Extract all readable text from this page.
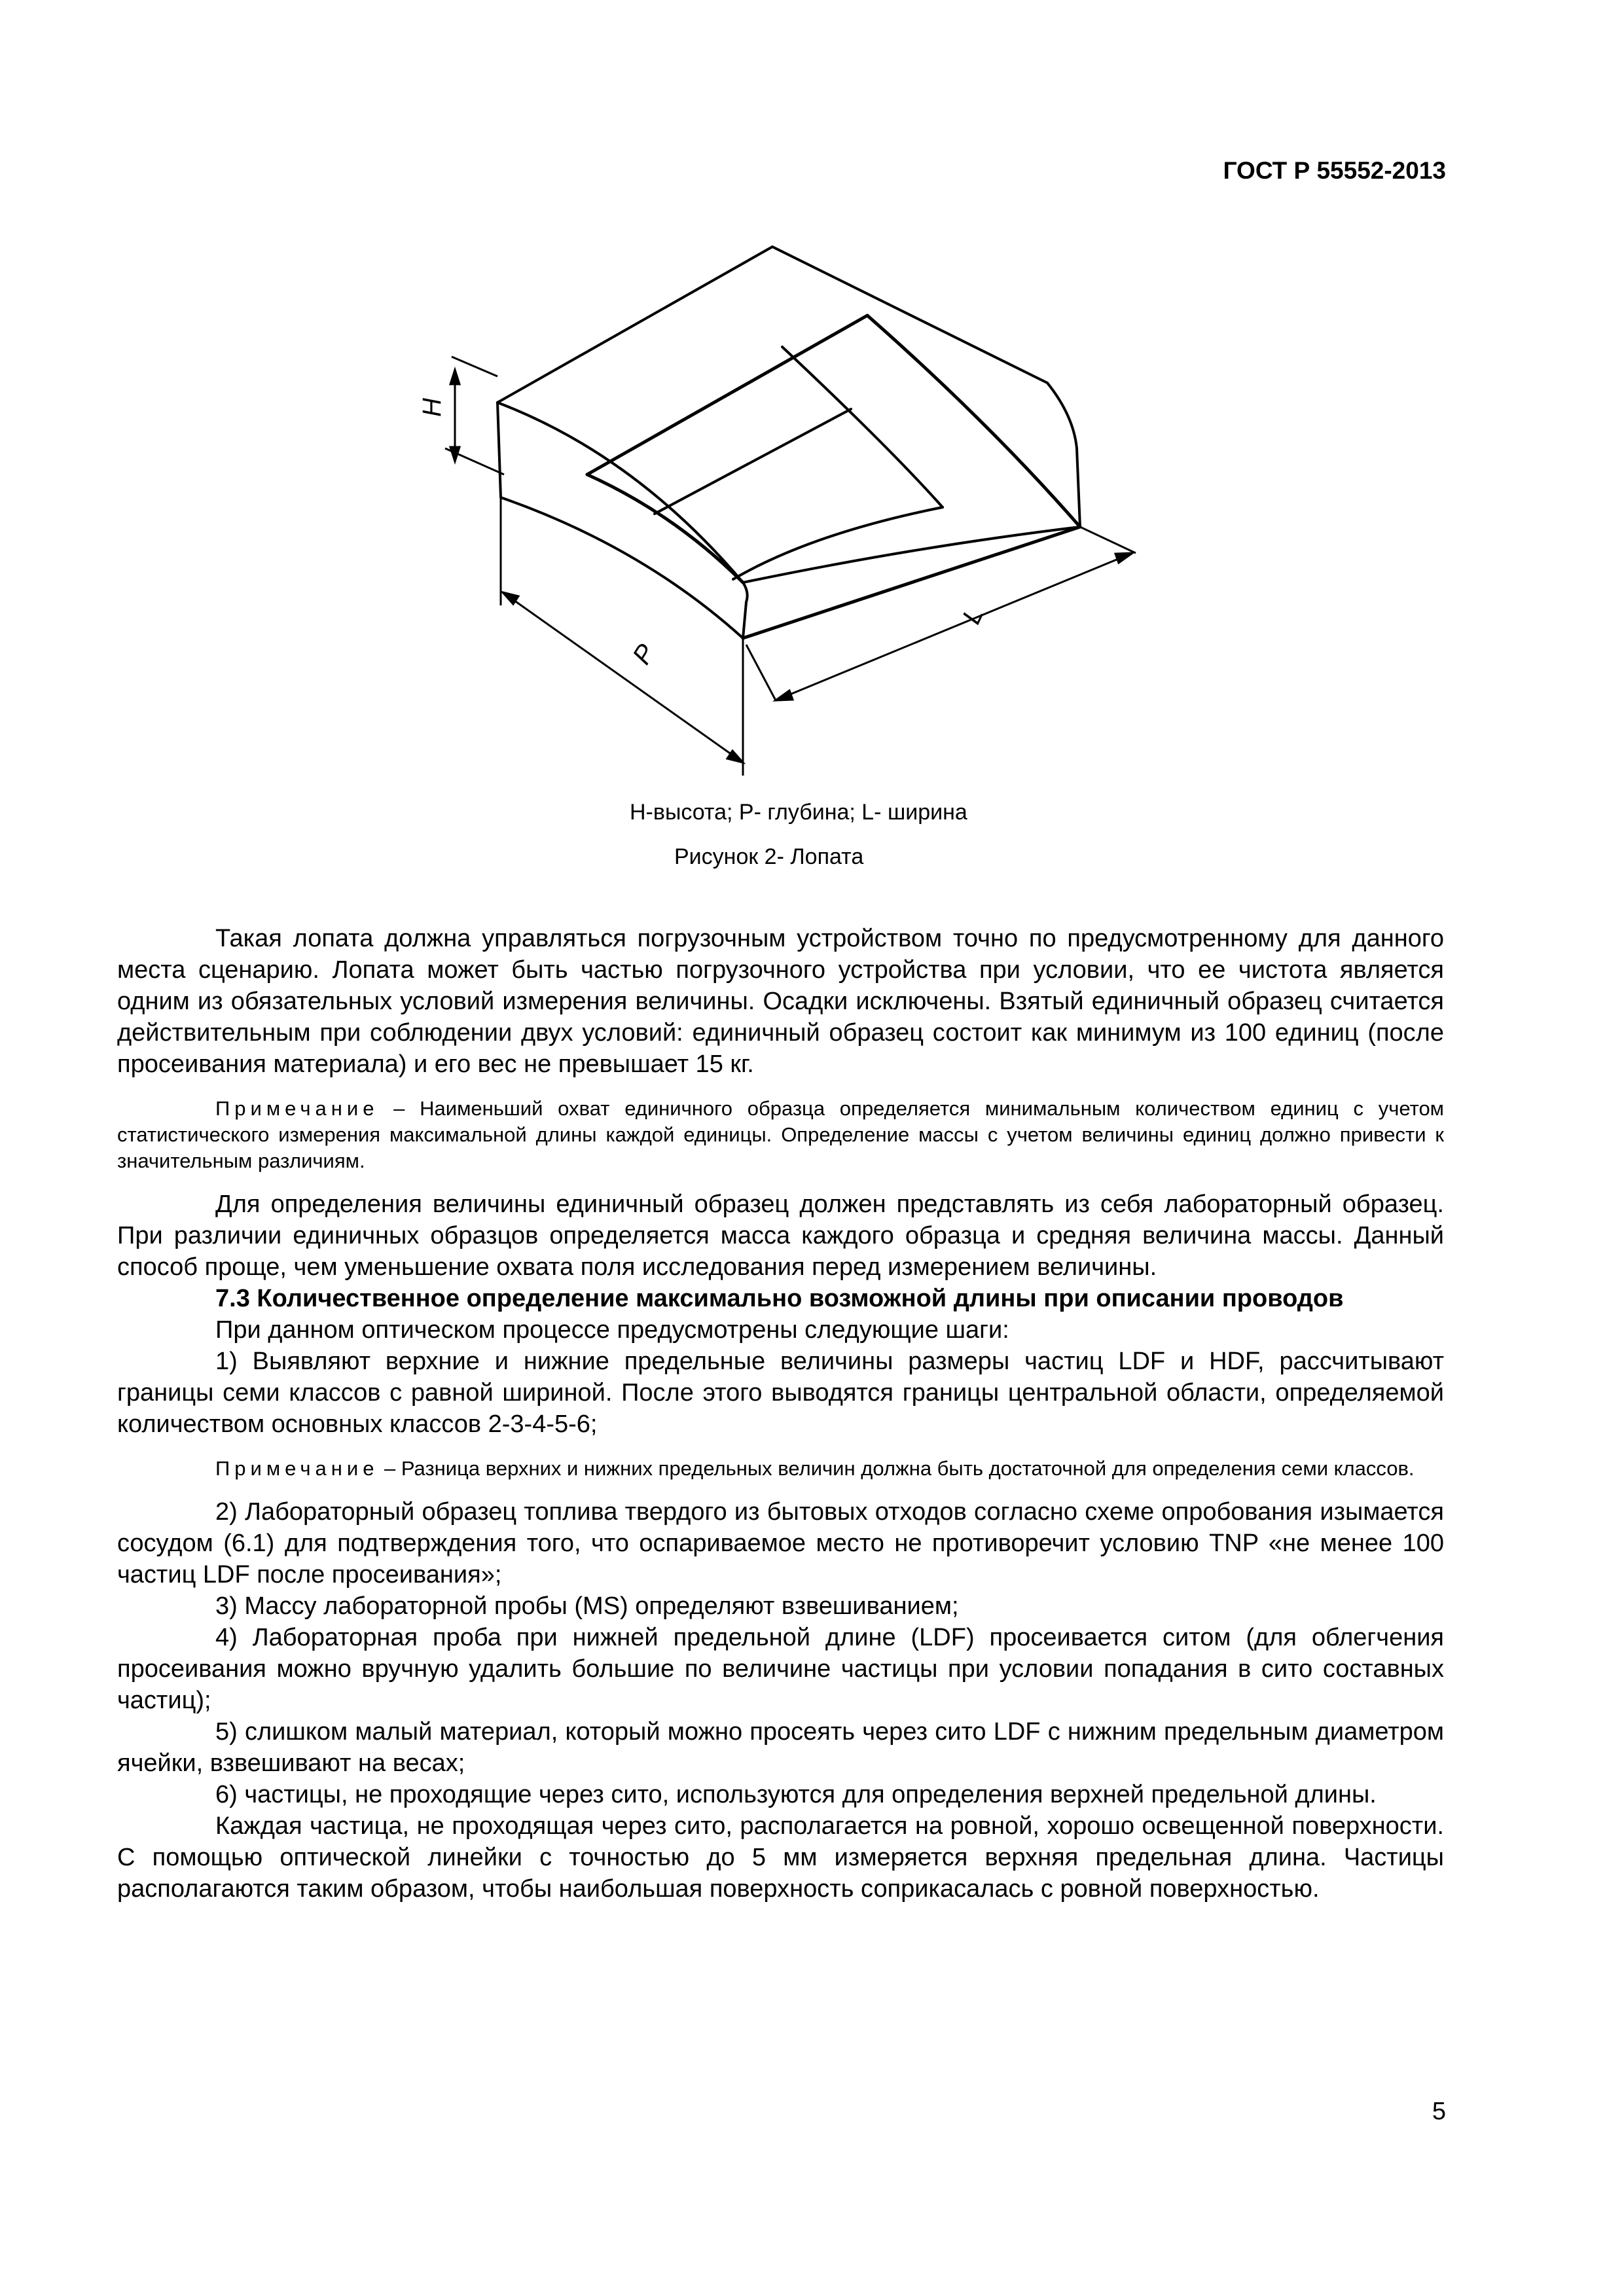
ГОСТ Р 55552-2013
H
P
L
H-высота; P- глубина; L- ширина
Рисунок 2- Лопата

Такая лопата должна управляться погрузочным устройством точно по предусмотренному для данного места сценарию. Лопата может быть частью погрузочного устройства при условии, что ее чистота является одним из обязательных условий измерения величины. Осадки исключены. Взятый единичный образец считается действительным при соблюдении двух условий: единичный образец состоит как минимум из 100 единиц (после просеивания материала) и его вес не превышает 15 кг.

Примечание – Наименьший охват единичного образца определяется минимальным количеством единиц с учетом статистического измерения максимальной длины каждой единицы. Определение массы с учетом величины единиц должно привести к значительным различиям.

Для определения величины единичный образец должен представлять из себя лабораторный образец. При различии единичных образцов определяется масса каждого образца и средняя величина массы. Данный способ проще, чем уменьшение охвата поля исследования перед измерением величины.

7.3 Количественное определение максимально возможной длины при описании проводов

При данном оптическом процессе предусмотрены следующие шаги:

1) Выявляют верхние и нижние предельные величины размеры частиц LDF и HDF, рассчитывают границы семи классов с равной шириной. После этого выводятся границы центральной области, определяемой количеством основных классов 2-3-4-5-6;

Примечание – Разница верхних и нижних предельных величин должна быть достаточной для определения семи классов.

2) Лабораторный образец топлива твердого из бытовых отходов согласно схеме опробования изымается сосудом (6.1) для подтверждения того, что оспариваемое место не противоречит условию TNP «не менее 100 частиц LDF после просеивания»;

3) Массу лабораторной пробы (MS) определяют взвешиванием;

4) Лабораторная проба при нижней предельной длине (LDF) просеивается ситом (для облегчения просеивания можно вручную удалить большие по величине частицы при условии попадания в сито составных частиц);

5) слишком малый материал, который можно просеять через сито LDF с нижним предельным диаметром ячейки, взвешивают на весах;

6) частицы, не проходящие через сито, используются для определения верхней предельной длины.

Каждая частица, не проходящая через сито, располагается на ровной, хорошо освещенной поверхности. С помощью оптической линейки с точностью до 5 мм измеряется верхняя предельная длина. Частицы располагаются таким образом, чтобы наибольшая поверхность соприкасалась с ровной поверхностью.

5
